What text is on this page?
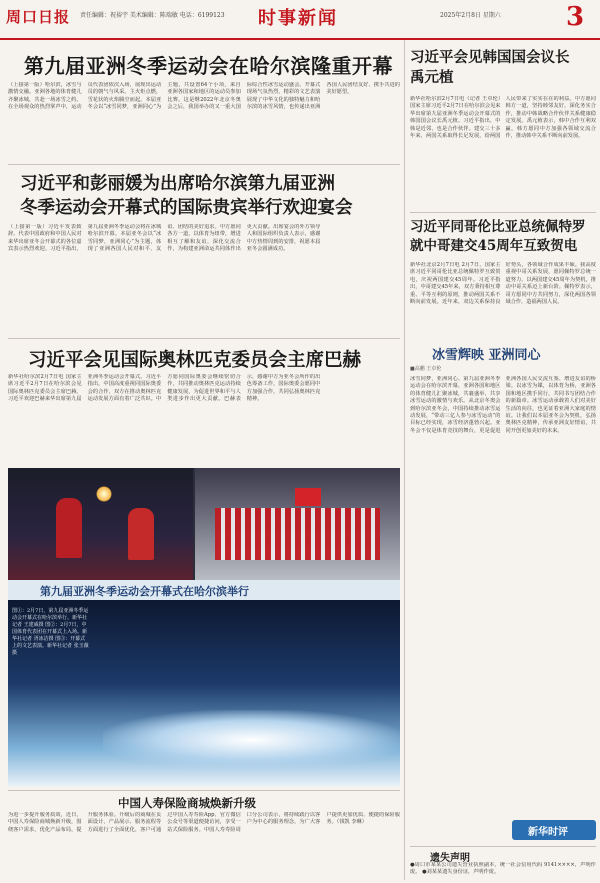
周口日报 责任编辑：祝裕宇 美术编辑：陈瑞敏 电话：6199123 时事新闻	2025年2月8日 星期六	3
第九届亚洲冬季运动会在哈尔滨隆重开幕
（上接第一版）哈尔滨，冰雪与激情交融。亚洲各地的体育健儿齐聚冰城，共赴一场冰雪之约。在全场观众的热烈掌声中，运动员代表团依次入场，展现出运动员的朝气与风采。主火炬点燃，雪花状的火焰腾空而起。本届亚冬会以“冰雪同梦，亚洲同心”为主题，共设置64个小项，来自亚洲各国家和地区的运动员参加比赛。这是继2022年北京冬奥会之后，我国举办的又一重大国际综合性冰雪运动盛会。开幕式现场气氛热烈，精彩的文艺表演展现了中华文化的独特魅力和哈尔滨的冰雪风情，也传递出亚洲各国人民团结友好、携手共进的美好愿望。
习近平和彭丽媛为出席哈尔滨第九届亚洲
冬季运动会开幕式的国际贵宾举行欢迎宴会
（上接第一版）习近平发表致辞。代表中国政府和中国人民对来华出席亚冬会开幕式的各位嘉宾表示热烈欢迎。习近平指出，第九届亚洲冬季运动会将在冰城哈尔滨开幕。本届亚冬会以“冰雪同梦，亚洲同心”为主题，体现了亚洲各国人民对和平、友谊、团结的美好追求。中方愿同各方一道，以体育为纽带，增进相互了解和友谊，深化交流合作，为构建亚洲命运共同体作出更大贡献。出席宴会的外方领导人和国际组织负责人表示，感谢中方热情周到的安排，祝愿本届亚冬会圆满成功。
习近平会见国际奥林匹克委员会主席巴赫
新华社哈尔滨2月7日电 国家主席习近平2月7日在哈尔滨会见国际奥林匹克委员会主席巴赫。习近平欢迎巴赫来华出席第九届亚洲冬季运动会开幕式。习近平指出，中国高度重视同国际奥委会的合作，双方在推动奥林匹克运动发展方面有着广泛共识。中方愿同国际奥委会继续密切合作，共同推动奥林匹克运动持续健康发展，为促进世界和平与人类进步作出更大贡献。巴赫表示，感谢中方为亚冬会所作的出色筹备工作，国际奥委会愿同中方加强合作，共同弘扬奥林匹克精神。
第九届亚洲冬季运动会开幕式在哈尔滨举行
图①：2月7日，第九届亚洲冬季运动会开幕式在哈尔滨举行。新华社记者 王建威摄 图②：2月7日，中国体育代表团在开幕式上入场。新华社记者 胥冰洁摄 图③：开幕式上的文艺表演。新华社记者 张玉薇摄
中国人寿保险商城焕新升级
为进一步提升服务质效，近日，中国人寿保险商城焕新升级，围绕客户需求，优化产品布局，提升服务体验。升级后的商城在页面设计、产品展示、服务流程等方面进行了全面优化，客户可通过中国人寿寿险App、官方微信公众号等渠道便捷访问，享受一站式保险服务。中国人寿寿险周口分公司表示，将持续践行以客户为中心的服务理念，为广大客户提供更加优质、便捷的保险服务。（钱凯 李琳）
习近平会见韩国国会议长
禹元植
新华社哈尔滨2月7日电（记者 王卓伦）国家主席习近平2月7日在哈尔滨会见来华出席第九届亚洲冬季运动会开幕式的韩国国会议长禹元植。习近平指出，中韩是近邻，也是合作伙伴。建交三十多年来，两国关系取得长足发展，给两国人民带来了实实在在的利益。中方愿同韩方一道，坚持睦邻友好，深化务实合作，推动中韩战略合作伙伴关系健康稳定发展。禹元植表示，韩中合作互利双赢，韩方愿同中方加强各领域交流合作，推动韩中关系不断向前发展。
习近平同哥伦比亚总统佩特罗
就中哥建交45周年互致贺电
新华社北京2月7日电 2月7日，国家主席习近平同哥伦比亚总统佩特罗互致贺电，庆祝两国建交45周年。习近平指出，中哥建交45年来，双方秉持相互尊重、平等互利的原则，推动两国关系不断向前发展。近年来，双边关系保持良好势头，各领域合作成果丰硕。我高度重视中哥关系发展，愿同佩特罗总统一道努力，以两国建交45周年为契机，推动中哥关系迈上新台阶。佩特罗表示，哥方愿同中方共同努力，深化两国各领域合作，造福两国人民。
冰雪辉映 亚洲同心
■高鹏 王卓伦
冰雪同梦，亚洲同心。第九届亚洲冬季运动会在哈尔滨开幕，亚洲各国和地区的体育健儿汇聚冰城，共襄盛举，共享冰雪运动的激情与欢乐。从北京冬奥会到哈尔滨亚冬会，中国持续推动冰雪运动发展，“带动三亿人参与冰雪运动”的目标已经实现，冰雪经济蓬勃兴起。亚冬会不仅是体育竞技的舞台，更是促进亚洲各国人民交流互鉴、增进友谊的桥梁。以冰雪为媒，以体育为桥，亚洲各国和地区携手同行，共同书写团结合作的新篇章。冰雪运动承载着人们对美好生活的向往，也见证着亚洲大家庭的情谊。让我们以本届亚冬会为契机，弘扬奥林匹克精神，传承亚洲友好情谊，共同开创更加美好的未来。
新华时评
遗失声明
●周口市某某公司遗失营业执照副本，统一社会信用代码 9141××××，声明作废。 ●刘某某遗失身份证，声明作废。
